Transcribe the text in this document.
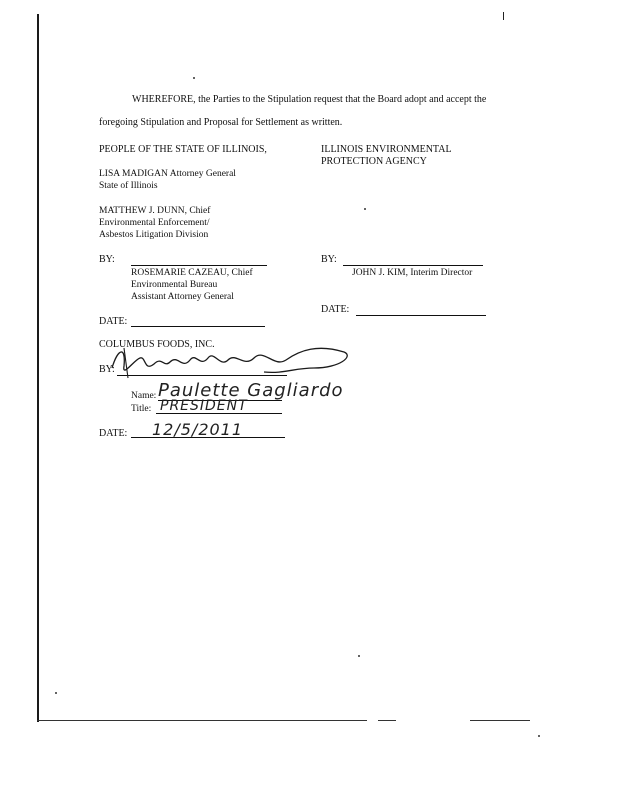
WHEREFORE, the Parties to the Stipulation request that the Board adopt and accept the
foregoing Stipulation and Proposal for Settlement as written.
PEOPLE OF THE STATE OF ILLINOIS,
LISA MADIGAN Attorney General
State of Illinois
MATTHEW J. DUNN, Chief
Environmental Enforcement/
Asbestos Litigation Division
BY:
ROSEMARIE CAZEAU, Chief
Environmental Bureau
Assistant Attorney General
DATE:
ILLINOIS ENVIRONMENTAL
PROTECTION AGENCY
BY:
JOHN J. KIM, Interim Director
DATE:
COLUMBUS FOODS, INC.
BY:
Name: Paulette Gagliardo
Title: PRESIDENT
DATE: 12/5/2011
